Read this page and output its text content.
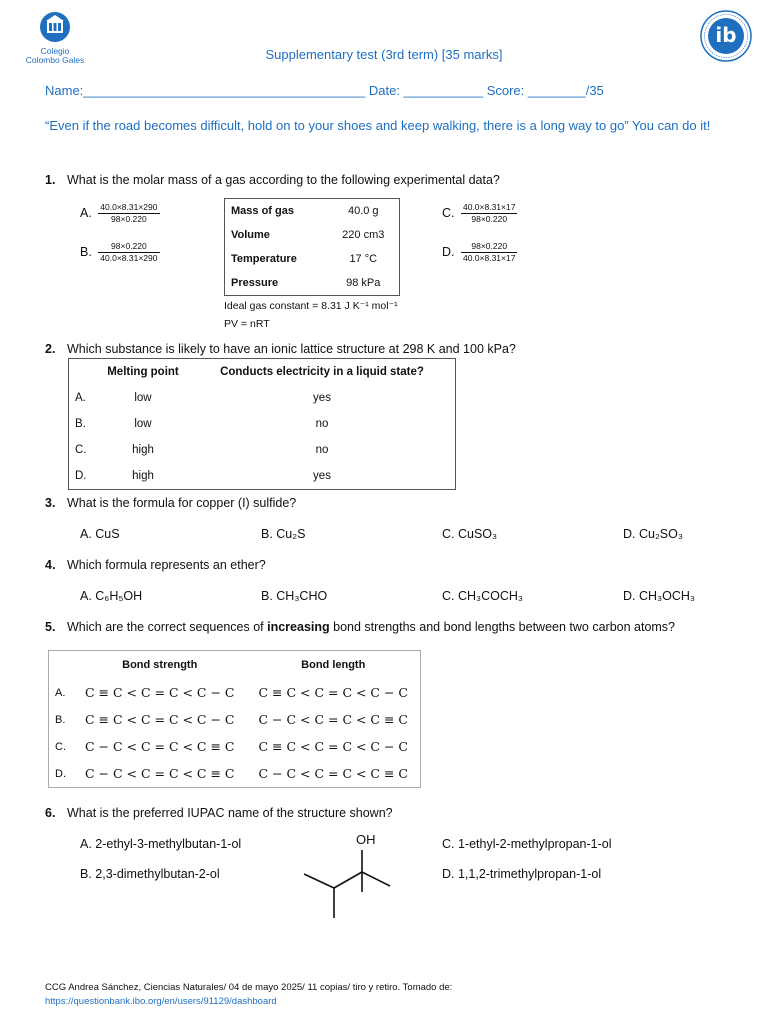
Colegio
Colombo Gales
ib
Supplementary test (3rd term) [35 marks]
Name:_______________________________________ Date: ___________ Score: ________/35
“Even if the road becomes difficult, hold on to your shoes and keep walking, there is a long way to go” You can do it!
1. What is the molar mass of a gas according to the following experimental data?
A. $\frac{40.0\times 8.31\times 290}{98\times 0.220}$
B. $\frac{98\times 0.220}{40.0\times 8.31\times 290}$
C. $\frac{40.0\times 8.31\times 17}{98\times 0.220}$
D. $\frac{98\times 0.220}{40.0\times 8.31\times 17}$
Mass of gas	40.0 g
Volume	220 cm3
Temperature	17 °C
Pressure	98 kPa
Ideal gas constant = 8.31 J K⁻¹ mol⁻¹
PV = nRT
2. Which substance is likely to have an ionic lattice structure at 298 K and 100 kPa?
	Melting point	Conducts electricity in a liquid state?
A.	low	yes
B.	low	no
C.	high	no
D.	high	yes
3. What is the formula for copper (I) sulfide?
A. CuS	B. Cu₂S	C. CuSO₃	D. Cu₂SO₃
4. Which formula represents an ether?
A. C₆H₅OH	B. CH₃CHO	C. CH₃COCH₃	D. CH₃OCH₃
5. Which are the correct sequences of increasing bond strengths and bond lengths between two carbon atoms?
	Bond strength	Bond length
A.	C ≡ C < C = C < C − C	C ≡ C < C = C < C − C
B.	C ≡ C < C = C < C − C	C − C < C = C < C ≡ C
C.	C − C < C = C < C ≡ C	C ≡ C < C = C < C − C
D.	C − C < C = C < C ≡ C	C − C < C = C < C ≡ C
6. What is the preferred IUPAC name of the structure shown?
A. 2-ethyl-3-methylbutan-1-ol
B. 2,3-dimethylbutan-2-ol
C. 1-ethyl-2-methylpropan-1-ol
D. 1,1,2-trimethylpropan-1-ol
OH
CCG Andrea Sánchez, Ciencias Naturales/ 04 de mayo 2025/ 11 copias/ tiro y retiro. Tomado de:
https://questionbank.ibo.org/en/users/91129/dashboard
